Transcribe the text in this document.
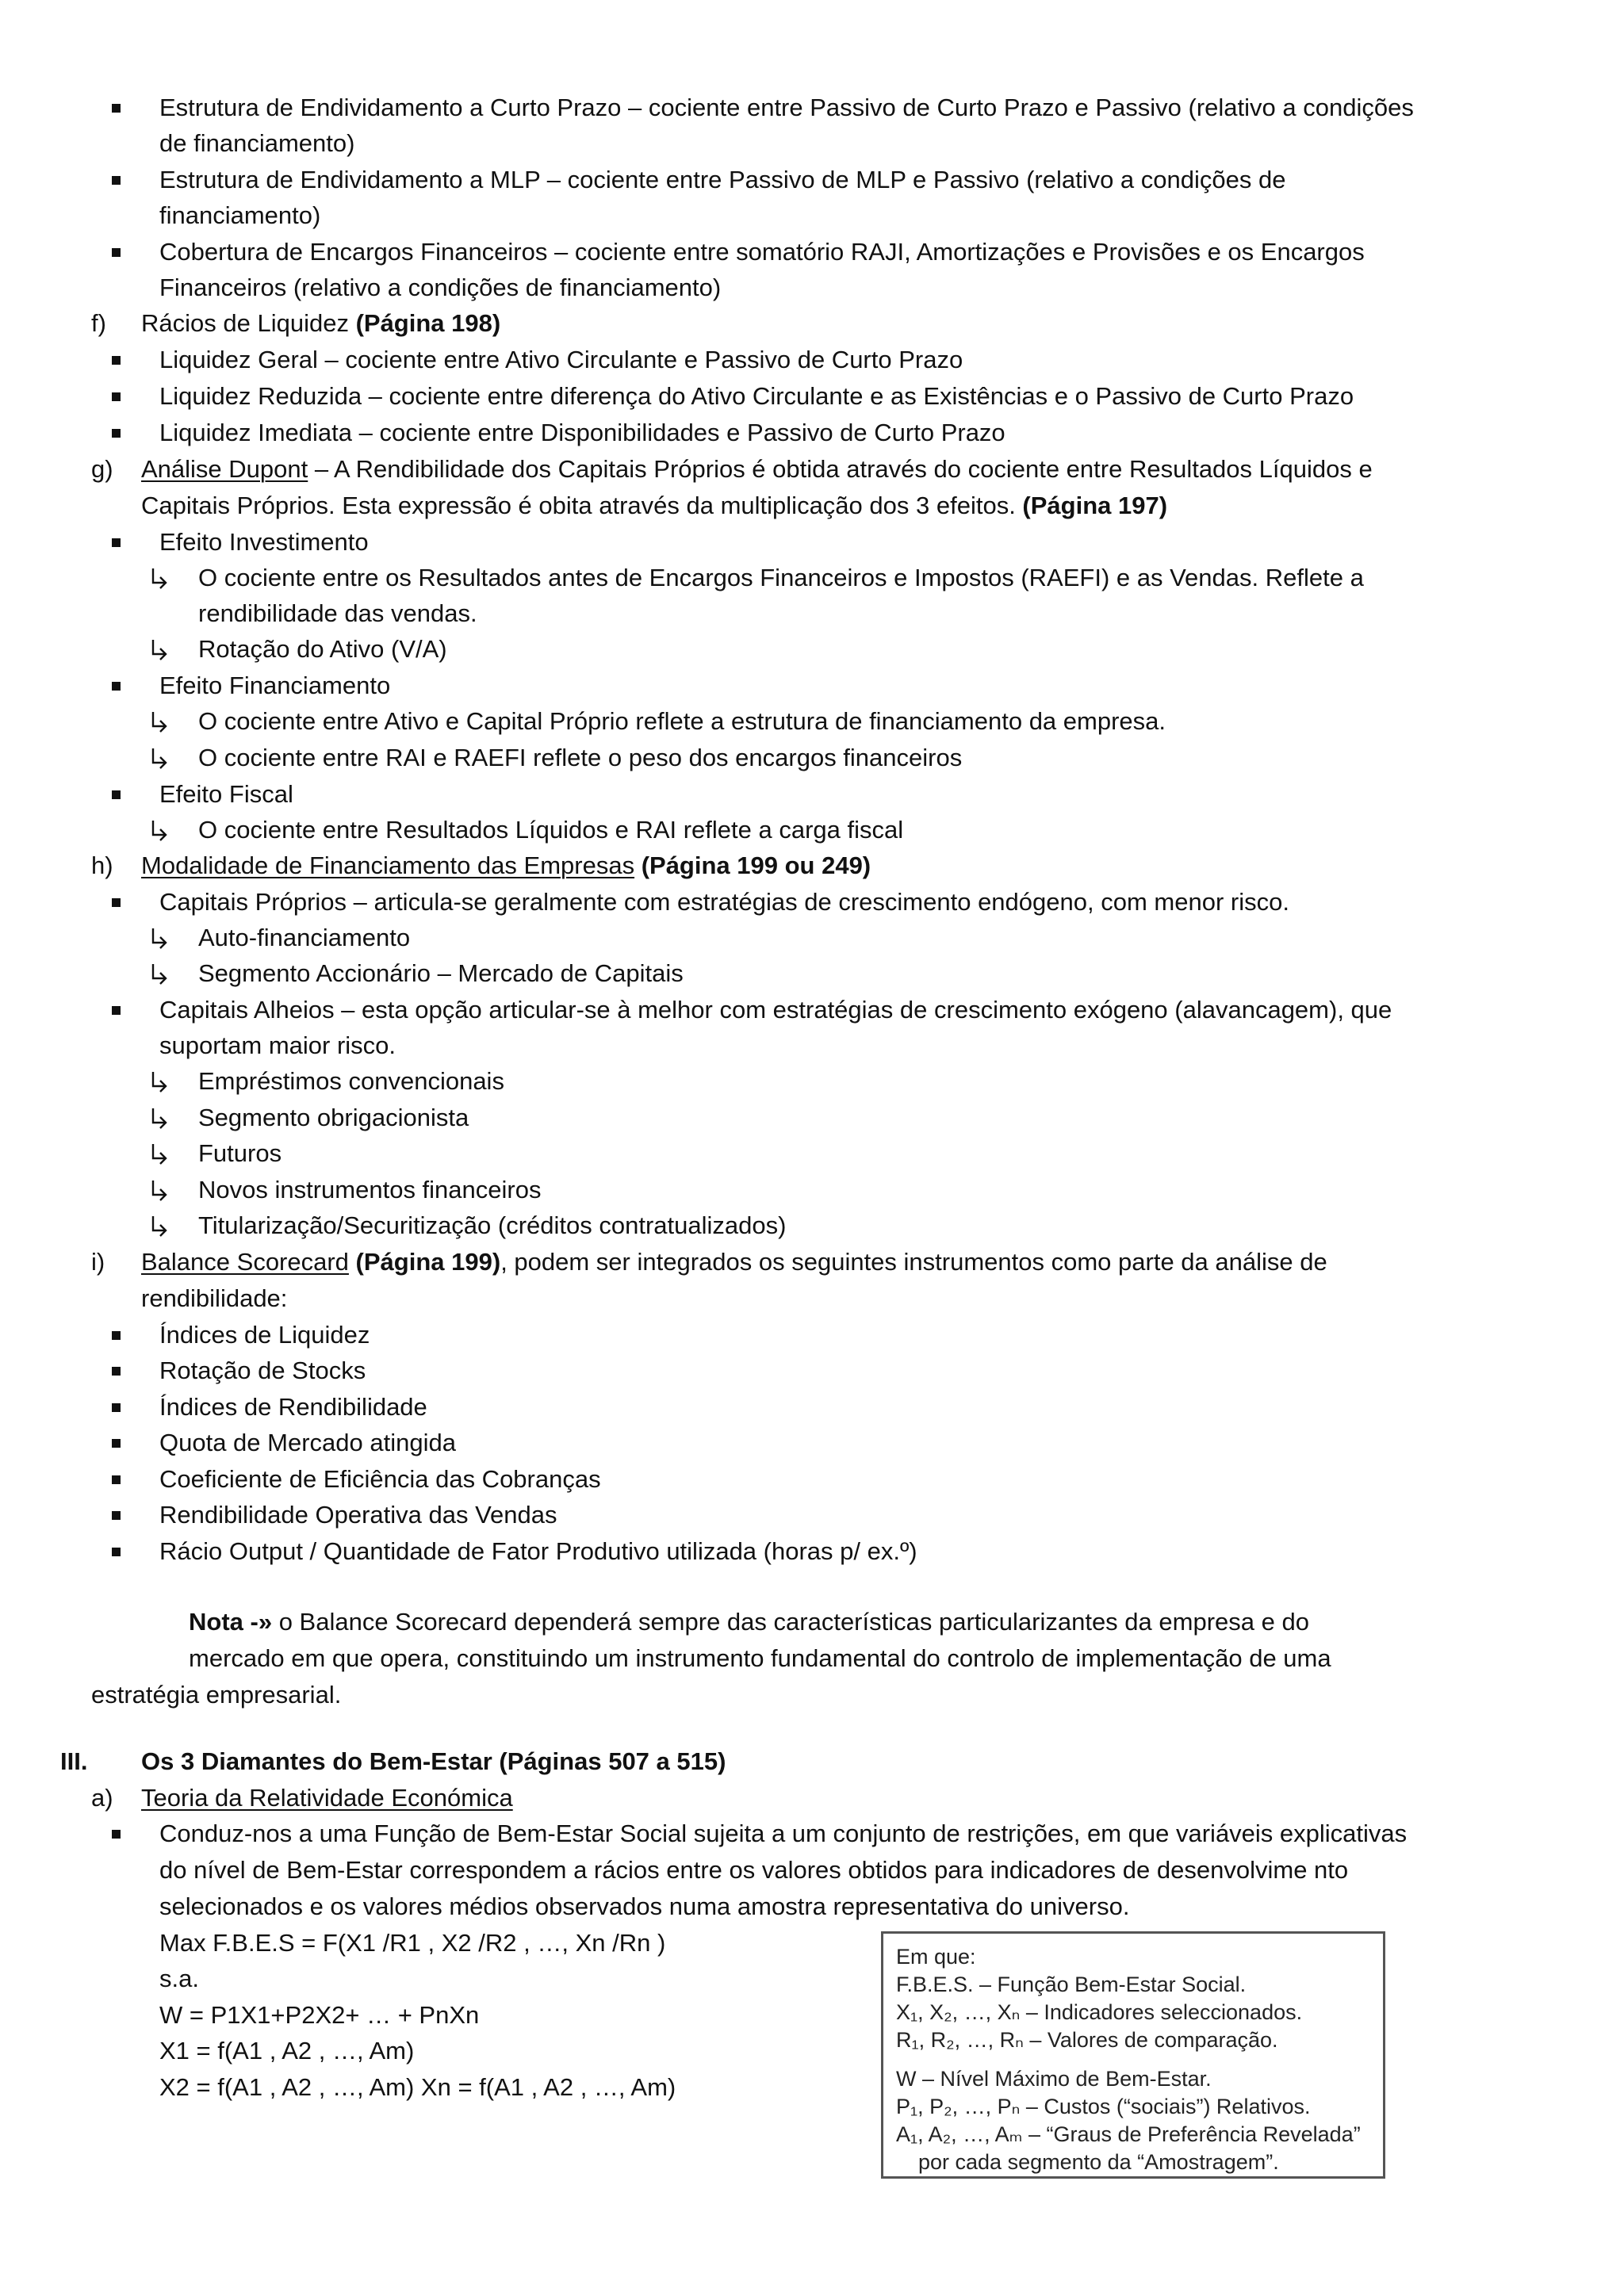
Estrutura de Endividamento a Curto Prazo – cociente entre Passivo de Curto Prazo e Passivo (relativo a condições
de financiamento)
Estrutura de Endividamento a MLP – cociente entre Passivo de MLP e Passivo (relativo a condições de
financiamento)
Cobertura de Encargos Financeiros – cociente entre somatório RAJI, Amortizações e Provisões e os Encargos
Financeiros (relativo a condições de financiamento)
f) Rácios de Liquidez (Página 198)
Liquidez Geral – cociente entre Ativo Circulante e Passivo de Curto Prazo
Liquidez Reduzida – cociente entre diferença do Ativo Circulante e as Existências e o Passivo de Curto Prazo
Liquidez Imediata – cociente entre Disponibilidades e Passivo de Curto Prazo
g) Análise Dupont – A Rendibilidade dos Capitais Próprios é obtida através do cociente entre Resultados Líquidos e
Capitais Próprios. Esta expressão é obita através da multiplicação dos 3 efeitos. (Página 197)
Efeito Investimento
O cociente entre os Resultados antes de Encargos Financeiros e Impostos (RAEFI) e as Vendas. Reflete a
rendibilidade das vendas.
Rotação do Ativo (V/A)
Efeito Financiamento
O cociente entre Ativo e Capital Próprio reflete a estrutura de financiamento da empresa.
O cociente entre RAI e RAEFI reflete o peso dos encargos financeiros
Efeito Fiscal
O cociente entre Resultados Líquidos e RAI reflete a carga fiscal
h) Modalidade de Financiamento das Empresas (Página 199 ou 249)
Capitais Próprios – articula-se geralmente com estratégias de crescimento endógeno, com menor risco.
Auto-financiamento
Segmento Accionário – Mercado de Capitais
Capitais Alheios – esta opção articular-se à melhor com estratégias de crescimento exógeno (alavancagem), que
suportam maior risco.
Empréstimos convencionais
Segmento obrigacionista
Futuros
Novos instrumentos financeiros
Titularização/Securitização (créditos contratualizados)
i) Balance Scorecard (Página 199), podem ser integrados os seguintes instrumentos como parte da análise de
rendibilidade:
Índices de Liquidez
Rotação de Stocks
Índices de Rendibilidade
Quota de Mercado atingida
Coeficiente de Eficiência das Cobranças
Rendibilidade Operativa das Vendas
Rácio Output / Quantidade de Fator Produtivo utilizada (horas p/ ex.º)
Nota -» o Balance Scorecard dependerá sempre das características particularizantes da empresa e do
mercado em que opera, constituindo um instrumento fundamental do controlo de implementação de uma
estratégia empresarial.
III. Os 3 Diamantes do Bem-Estar (Páginas 507 a 515)
a) Teoria da Relatividade Económica
Conduz-nos a uma Função de Bem-Estar Social sujeita a um conjunto de restrições, em que variáveis explicativas
do nível de Bem-Estar correspondem a rácios entre os valores obtidos para indicadores de desenvolvime nto
selecionados e os valores médios observados numa amostra representativa do universo.
Max F.B.E.S = F(X1 /R1 , X2 /R2 , …, Xn /Rn )
s.a.
W = P1X1+P2X2+ … + PnXn
X1 = f(A1 , A2 , …, Am)
X2 = f(A1 , A2 , …, Am) Xn = f(A1 , A2 , …, Am)

Em que:

F.B.E.S. – Função Bem-Estar Social.

X₁, X₂, …, Xₙ – Indicadores seleccionados.

R₁, R₂, …, Rₙ – Valores de comparação.

W – Nível Máximo de Bem-Estar.

P₁, P₂, …, Pₙ – Custos (“sociais”) Relativos.

A₁, A₂, …, Aₘ – “Graus de Preferência Revelada”

por cada segmento da “Amostragem”.
